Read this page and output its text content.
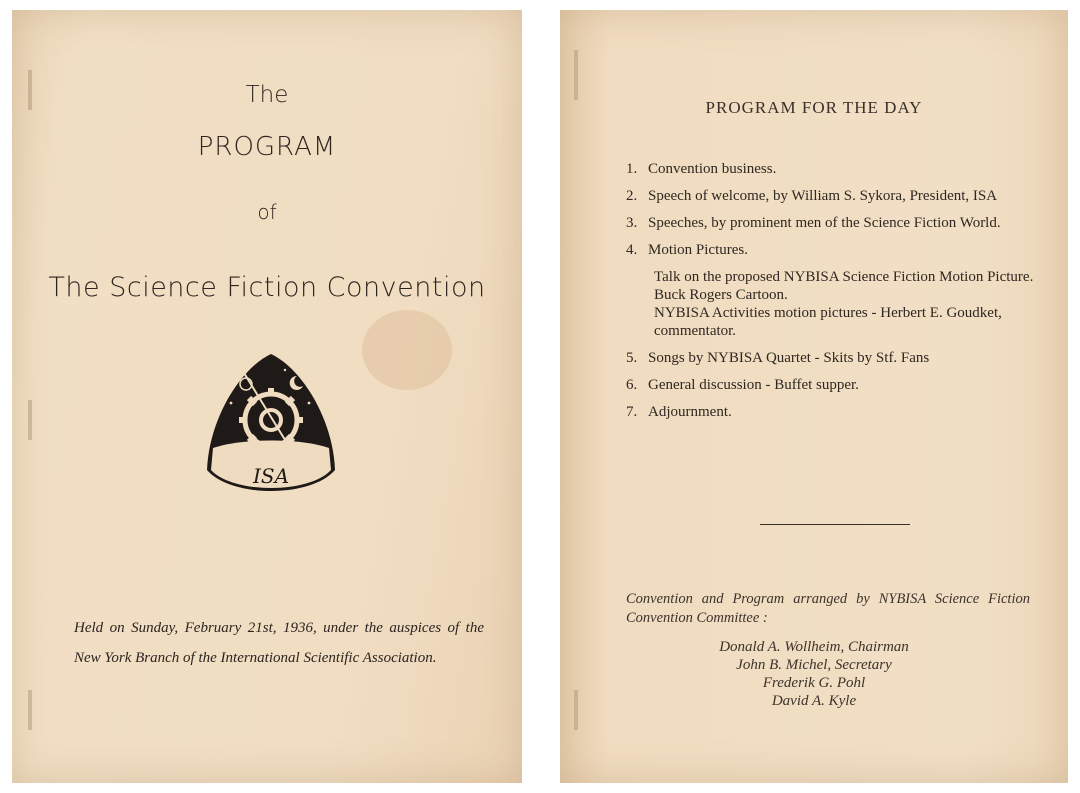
The
PROGRAM
of
The Science Fiction Convention
ISA
Held on Sunday, February 21st, 1936, under the auspices of the New York Branch of the International Scientific Association.
PROGRAM FOR THE DAY
1. Convention business.
2. Speech of welcome, by William S. Sykora, President, ISA
3. Speeches, by prominent men of the Science Fiction World.
4. Motion Pictures.
Talk on the proposed NYBISA Science Fiction Motion Picture.
Buck Rogers Cartoon.
NYBISA Activities motion pictures - Herbert E. Goudket, commentator.
5. Songs by NYBISA Quartet - Skits by Stf. Fans
6. General discussion - Buffet supper.
7. Adjournment.
Convention and Program arranged by NYBISA Science Fiction Convention Committee :
Donald A. Wollheim, Chairman
John B. Michel, Secretary
Frederik G. Pohl
David A. Kyle
